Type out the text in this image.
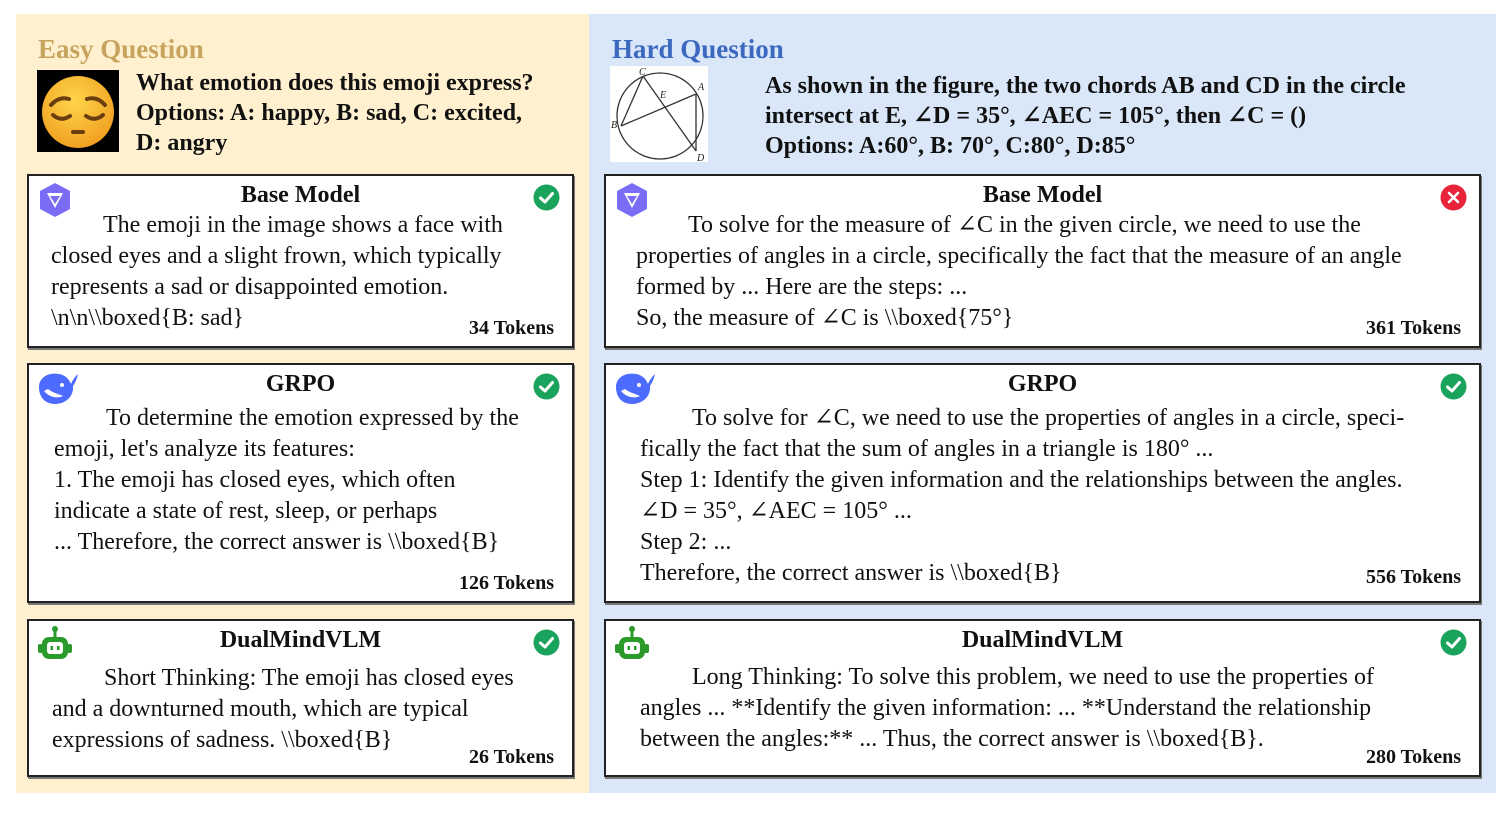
Easy Question
What emotion does this emoji express?
Options: A: happy, B: sad, C: excited,
D: angry
Base Model
The emoji in the image shows a face with
closed eyes and a slight frown, which typically
represents a sad or disappointed emotion.
\n\n\\boxed{B: sad}	34 Tokens
GRPO
To determine the emotion expressed by the
emoji, let's analyze its features:
1. The emoji has closed eyes, which often
indicate a state of rest, sleep, or perhaps
... Therefore, the correct answer is \\boxed{B}
126 Tokens
DualMindVLM
Short Thinking: The emoji has closed eyes
and a downturned mouth, which are typical
expressions of sadness. \\boxed{B}
26 Tokens
Hard Question
C
A
E
B
D
As shown in the figure, the two chords AB and CD in the circle
intersect at E, ∠D = 35°, ∠AEC = 105°, then ∠C = ()
Options: A:60°, B: 70°, C:80°, D:85°
Base Model
To solve for the measure of ∠C in the given circle, we need to use the
properties of angles in a circle, specifically the fact that the measure of an angle
formed by ... Here are the steps: ...
So, the measure of ∠C is \\boxed{75°}	361 Tokens
GRPO
To solve for ∠C, we need to use the properties of angles in a circle, speci-
fically the fact that the sum of angles in a triangle is 180° ...
Step 1: Identify the given information and the relationships between the angles.
∠D = 35°, ∠AEC = 105° ...
Step 2: ...
Therefore, the correct answer is \\boxed{B}	556 Tokens
DualMindVLM
Long Thinking: To solve this problem, we need to use the properties of
angles ... **Identify the given information: ... **Understand the relationship
between the angles:** ... Thus, the correct answer is \\boxed{B}.
280 Tokens
